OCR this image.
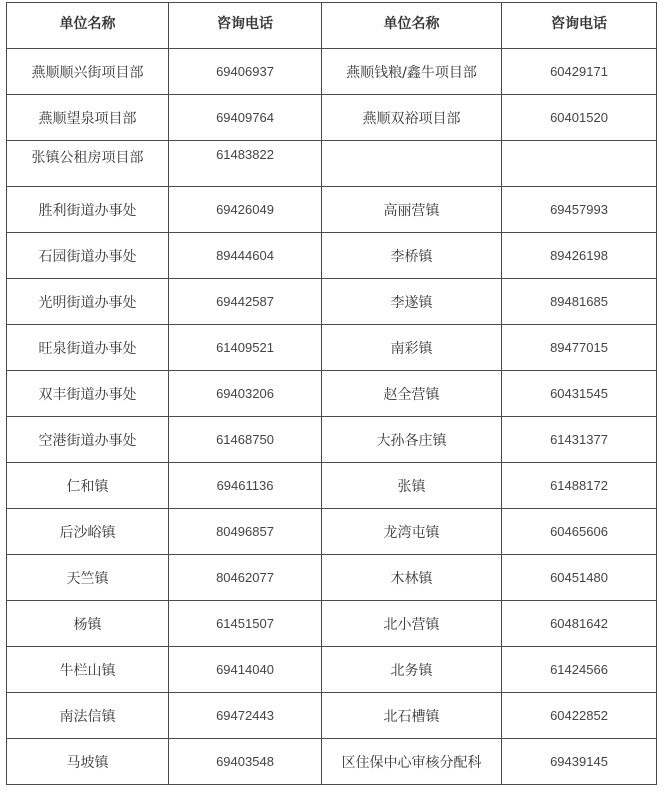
单位名称	咨询电话	单位名称	咨询电话
燕顺顺兴街项目部	69406937	燕顺钱粮/鑫牛项目部	60429171
燕顺望泉项目部	69409764	燕顺双裕项目部	60401520
张镇公租房项目部	61483822		
胜利街道办事处	69426049	高丽营镇	69457993
石园街道办事处	89444604	李桥镇	89426198
光明街道办事处	69442587	李遂镇	89481685
旺泉街道办事处	61409521	南彩镇	89477015
双丰街道办事处	69403206	赵全营镇	60431545
空港街道办事处	61468750	大孙各庄镇	61431377
仁和镇	69461136	张镇	61488172
后沙峪镇	80496857	龙湾屯镇	60465606
天竺镇	80462077	木林镇	60451480
杨镇	61451507	北小营镇	60481642
牛栏山镇	69414040	北务镇	61424566
南法信镇	69472443	北石槽镇	60422852
马坡镇	69403548	区住保中心审核分配科	69439145
